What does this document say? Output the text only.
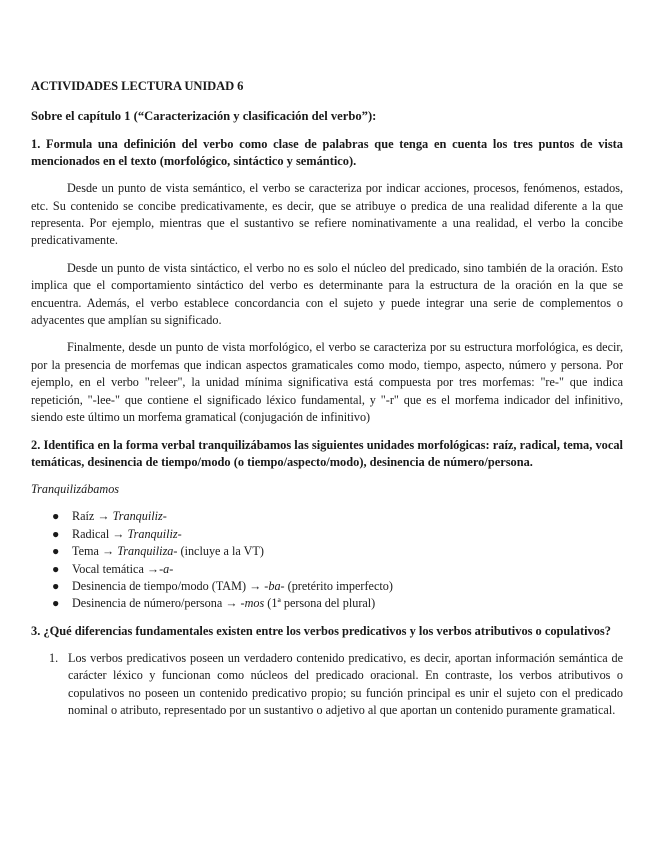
ACTIVIDADES LECTURA UNIDAD 6
Sobre el capítulo 1 (“Caracterización y clasificación del verbo”):
1. Formula una definición del verbo como clase de palabras que tenga en cuenta los tres puntos de vista mencionados en el texto (morfológico, sintáctico y semántico).

Desde un punto de vista semántico, el verbo se caracteriza por indicar acciones, procesos, fenómenos, estados, etc. Su contenido se concibe predicativamente, es decir, que se atribuye o predica de una realidad diferente a la que representa. Por ejemplo, mientras que el sustantivo se refiere nominativamente a una realidad, el verbo la concibe predicativamente.

Desde un punto de vista sintáctico, el verbo no es solo el núcleo del predicado, sino también de la oración. Esto implica que el comportamiento sintáctico del verbo es determinante para la estructura de la oración en la que se encuentra. Además, el verbo establece concordancia con el sujeto y puede integrar una serie de complementos o adyacentes que amplían su significado.

Finalmente, desde un punto de vista morfológico, el verbo se caracteriza por su estructura morfológica, es decir, por la presencia de morfemas que indican aspectos gramaticales como modo, tiempo, aspecto, número y persona. Por ejemplo, en el verbo "releer", la unidad mínima significativa está compuesta por tres morfemas: "re-" que indica repetición, "-lee-" que contiene el significado léxico fundamental, y "-r" que es el morfema indicador del infinitivo, siendo este último un morfema gramatical (conjugación de infinitivo)

2. Identifica en la forma verbal tranquilizábamos las siguientes unidades morfológicas: raíz, radical, tema, vocal temáticas, desinencia de tiempo/modo (o tiempo/aspecto/modo), desinencia de número/persona.
Tranquilizábamos
● Raíz → Tranquiliz-
● Radical → Tranquiliz-
● Tema → Tranquiliza- (incluye a la VT)
● Vocal temática →-a-
● Desinencia de tiempo/modo (TAM) → -ba- (pretérito imperfecto)
● Desinencia de número/persona → -mos (1ª persona del plural)
3. ¿Qué diferencias fundamentales existen entre los verbos predicativos y los verbos atributivos o copulativos?
1. Los verbos predicativos poseen un verdadero contenido predicativo, es decir, aportan información semántica de carácter léxico y funcionan como núcleos del predicado oracional. En contraste, los verbos atributivos o copulativos no poseen un contenido predicativo propio; su función principal es unir el sujeto con el predicado nominal o atributo, representado por un sustantivo o adjetivo al que aportan un contenido puramente gramatical.
